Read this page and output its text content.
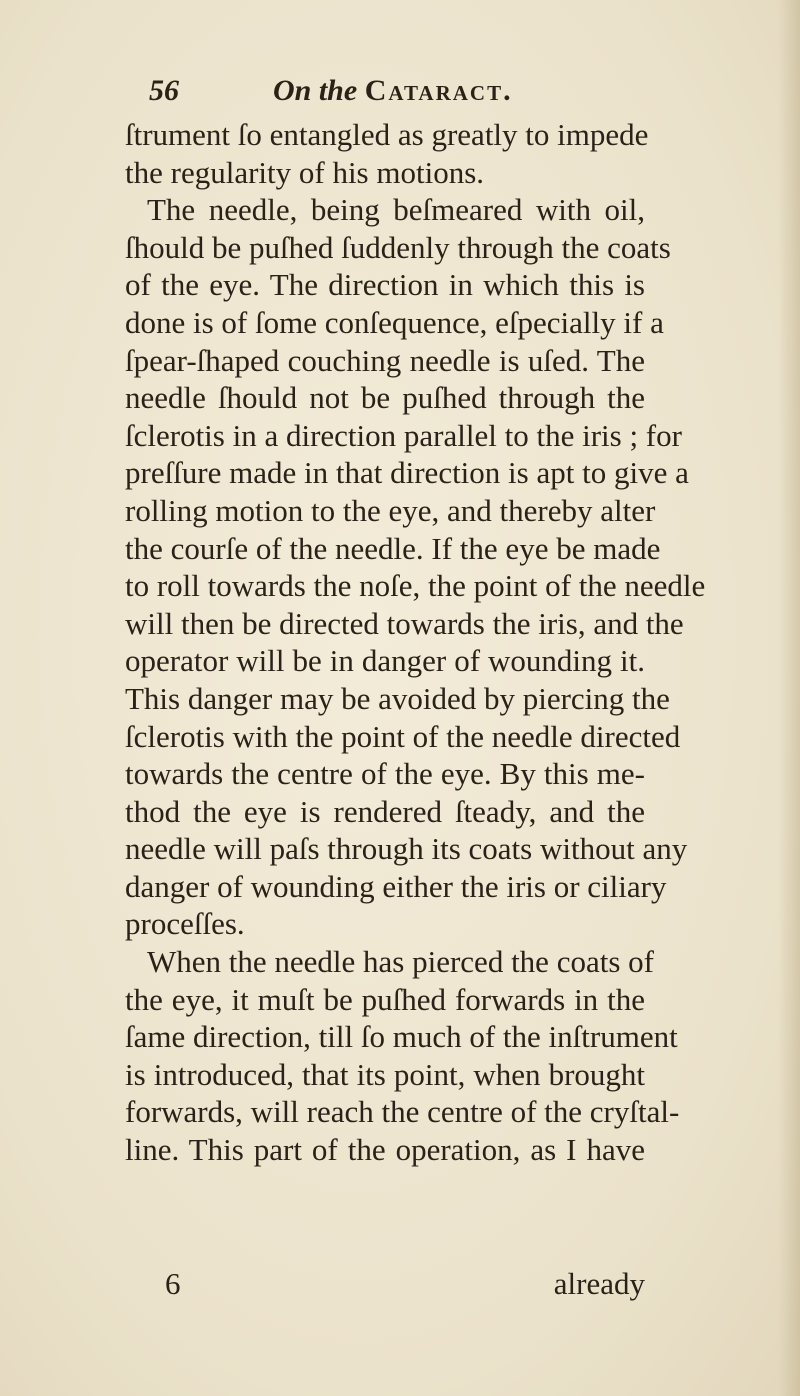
56	On the Cataract.
ſtrument ſo entangled as greatly to impede
the regularity of his motions.
The needle, being beſmeared with oil,
ſhould be puſhed ſuddenly through the coats
of the eye. The direction in which this is
done is of ſome conſequence, eſpecially if a
ſpear-ſhaped couching needle is uſed. The
needle ſhould not be puſhed through the
ſclerotis in a direction parallel to the iris ; for
preſſure made in that direction is apt to give a
rolling motion to the eye, and thereby alter
the courſe of the needle. If the eye be made
to roll towards the noſe, the point of the needle
will then be directed towards the iris, and the
operator will be in danger of wounding it.
This danger may be avoided by piercing the
ſclerotis with the point of the needle directed
towards the centre of the eye. By this me-
thod the eye is rendered ſteady, and the
needle will paſs through its coats without any
danger of wounding either the iris or ciliary
proceſſes.
When the needle has pierced the coats of
the eye, it muſt be puſhed forwards in the
ſame direction, till ſo much of the inſtrument
is introduced, that its point, when brought
forwards, will reach the centre of the cryſtal-
line. This part of the operation, as I have
6	already
